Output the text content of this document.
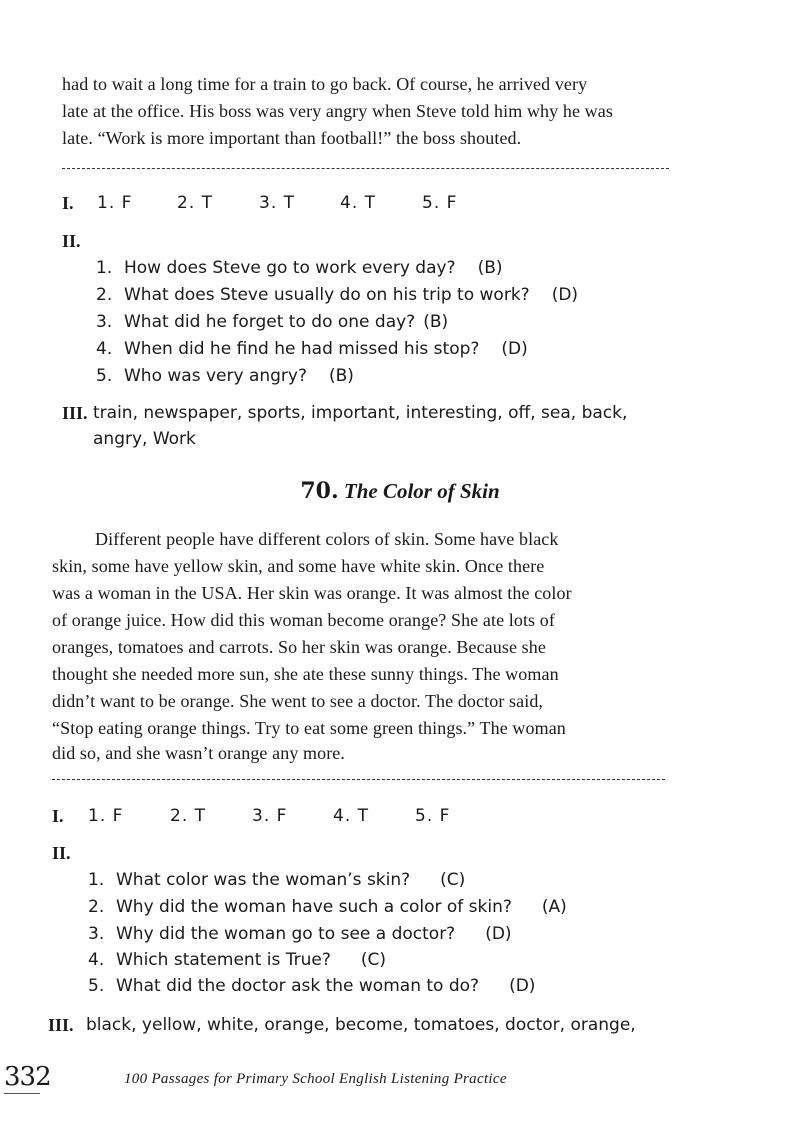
had to wait a long time for a train to go back. Of course, he arrived very
late at the office. His boss was very angry when Steve told him why he was
late. “Work is more important than football!” the boss shouted.
I. 1. F	2. T	3. T	4. T	5. F
II.
1. How does Steve go to work every day? (B)
2. What does Steve usually do on his trip to work? (D)
3. What did he forget to do one day? (B)
4. When did he find he had missed his stop? (D)
5. Who was very angry? (B)
III. train, newspaper, sports, important, interesting, off, sea, back,
angry, Work
70. The Color of Skin
Different people have different colors of skin. Some have black
skin, some have yellow skin, and some have white skin. Once there
was a woman in the USA. Her skin was orange. It was almost the color
of orange juice. How did this woman become orange? She ate lots of
oranges, tomatoes and carrots. So her skin was orange. Because she
thought she needed more sun, she ate these sunny things. The woman
didn’t want to be orange. She went to see a doctor. The doctor said,
“Stop eating orange things. Try to eat some green things.” The woman
did so, and she wasn’t orange any more.
I. 1. F	2. T	3. F	4. T	5. F
II.
1. What color was the woman’s skin? (C)
2. Why did the woman have such a color of skin? (A)
3. Why did the woman go to see a doctor? (D)
4. Which statement is True? (C)
5. What did the doctor ask the woman to do? (D)
III. black, yellow, white, orange, become, tomatoes, doctor, orange,
332	100 Passages for Primary School English Listening Practice
